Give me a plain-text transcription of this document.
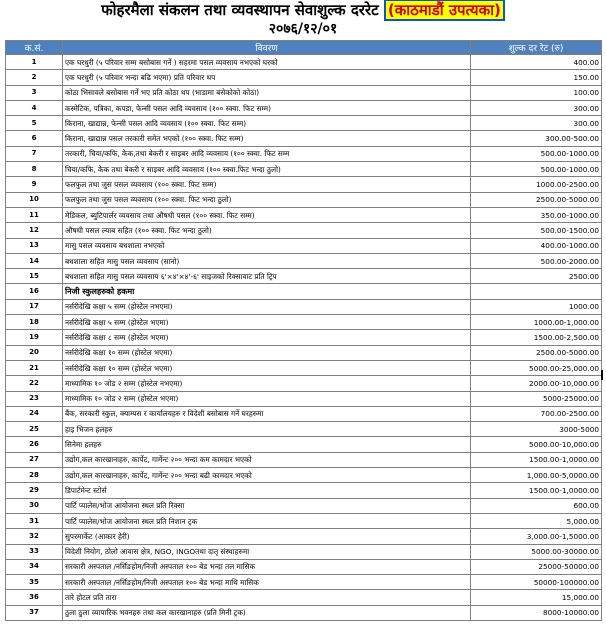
फोहरमैला संकलन तथा व्यवस्थापन सेवाशुल्क दररेट (काठमाडौं उपत्यका)
२०७६/१२/०१
क.सं.	विवरण	शुल्क दर रेट (रु)
1	एक घरधुरी (५ परिवार सम्म बसोबास गर्ने ) सहरमा पसल व्यवसाय नभएको घरको	400.00
2	एक घरधुरी (५ परिवार भन्दा बढि भएमा) प्रति परिवार थप	150.00
3	कोठा भिसावले बसोबास गर्ने भए प्रति कोठा थप (भाडामा बसेकोको कोठा)	100.00
4	कस्मेटिक, पत्रिका, कपडा, फेन्सी पसल आदि व्यवसाय (१०० स्क्वा. फिट सम्म)	300.00
5	किराना, खाद्यान्न, फेन्सी पसल आदि व्यवसाय (१०० स्क्वा. फिट सम्म)	300.00
6	किराना, खाद्यान्न पसल तरकारी समेत भएको (१०० स्क्वा. फिट सम्म)	300.00-500.00
7	तरकारी, चिया/कफि, केक,तथा बेकरी र साइबर आदि व्यवसाय (१०० स्क्वा. फिट सम्म	500.00-1000.00
8	चिया/कफि, केक तथा बेकरी र साइबर आदि व्यवसाय (१०० स्क्वा.फिट भन्दा ठुलो)	500.00-1000.00
9	फलफुल तथा जुस पसल व्यवसाय (१०० स्क्वा. फिट सम्म)	1000.00-2500.00
10	फलफुल तथा जुस पसल व्यवसाय (१०० स्क्वा. फिट भन्दा ठुलो)	2500.00-5000.00
11	मेडिकल, ब्युटिपार्लर व्यवसाय तथा औषधी पसल (१०० स्क्वा. फिट सम्म)	350.00-1000.00
12	औषधी पसल ल्याब सहित (१०० स्क्वा. फिट भन्दा ठुलो)	500.00-1500.00
13	मासु पसल व्यवसाय बधशाला नभएको	400.00-1000.00
14	बधशाला सहित मासु पसल व्यवसाय (सानो)	500.00-2000.00
15	बधशाला सहित मासु पसल व्यवसाय ६'×४'×४'-६' साइजको रिक्सावाट प्रति ट्रिप	2500.00
16	निजी स्कुलहरुको हकमा	
17	नर्सरीदेखि कक्षा ५ सम्म (होस्टेल नभएमा)	1000.00
18	नर्सरीदेखि कक्षा ५ सम्म (होस्टेल भएमा)	1000.00-1,000.00
19	नर्सरीदेखि कक्षा ८ सम्म (होस्टेल भएमा)	1500.00-2,500.00
20	नर्सरीदेखि कक्षा १० सम्म (होस्टेल भएमा)	2500.00-5000.00
21	नर्सरीदेखि कक्षा १० सम्म (होस्टेल भएमा)	5000.00-25,000.00
22	माध्यामिक १० जोड २ सम्म (होस्टेल नभएमा)	2000.00-10,000.00
23	माध्यामिक १० जोड २ सम्म (होस्टेल भएमा)	5000-25000.00
24	बैंक, सरकारी स्कुल, क्याम्पस र कार्यालयहरु र विदेशी बसोबास गर्ने घरहरुमा	700.00-2500.00
25	हाइ भिजन हलहरु	3000-5000
26	सिनेमा हलहरु	5000.00-10,000.00
27	उद्योग,कल कारखानाहरु, कार्पेट, गार्मेन्ट २०० भन्दा कम कामदार भएको	1500.00-1,0000.00
28	उद्योग,कल कारखानाहरु, कार्पेट, गार्मेन्ट २०० भन्दा बढी कामदार भएको	1,000.00-5,0000.00
29	डिपार्टमेन्ट स्टोर्स	1500.00-1,0000.00
30	पार्टि प्यालेस/भोज आयोजना स्थल प्रति रिक्सा	600.00
31	पार्टि प्यालेस/भोज आयोजना स्थल प्रति निशान ट्रक	5,000.00
32	सुपरमार्केट (आकार हेरी)	3,000.00-1,5000.00
33	विदेशी नियोग, ठोलो आवास क्षेत्र, NGO, INGOतथा दातृ संस्थाहरुमा	5000.00-30000.00
34	सरकारी अस्पताल /नर्सिङहोम/निजी अस्पताल १०० बेड भन्दा तल मासिक	25000-50000.00
35	सरकारी अस्पताल /नर्सिङहोम/निजी अस्पताल १०० बेड भन्दा माथि मासिक	50000-100000.00
36	तारे होटल प्रति तारा	15,000.00
37	ठुला ठुला व्यापारिक भवनहरु तथा कल कारखानाहरु (प्रति मिनी ट्रक)	8000-10000.00
